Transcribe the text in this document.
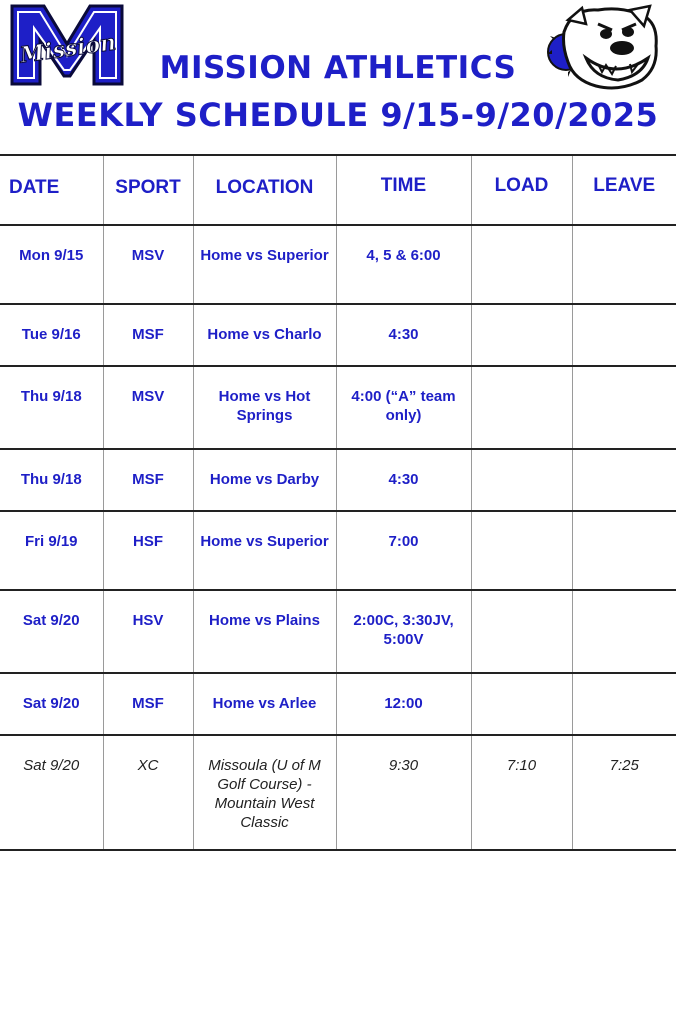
Mission	MISSION ATHLETICS
WEEKLY SCHEDULE 9/15-9/20/2025
DATE	SPORT	LOCATION	TIME	LOAD	LEAVE
Mon 9/15	MSV	Home vs Superior	4, 5 & 6:00		
Tue 9/16	MSF	Home vs Charlo	4:30		
Thu 9/18	MSV	Home vs Hot Springs	4:00 (“A” team only)		
Thu 9/18	MSF	Home vs Darby	4:30		
Fri 9/19	HSF	Home vs Superior	7:00		
Sat 9/20	HSV	Home vs Plains	2:00C, 3:30JV, 5:00V		
Sat 9/20	MSF	Home vs Arlee	12:00		
Sat 9/20	XC	Missoula (U of M Golf Course) - Mountain West Classic	9:30	7:10	7:25
